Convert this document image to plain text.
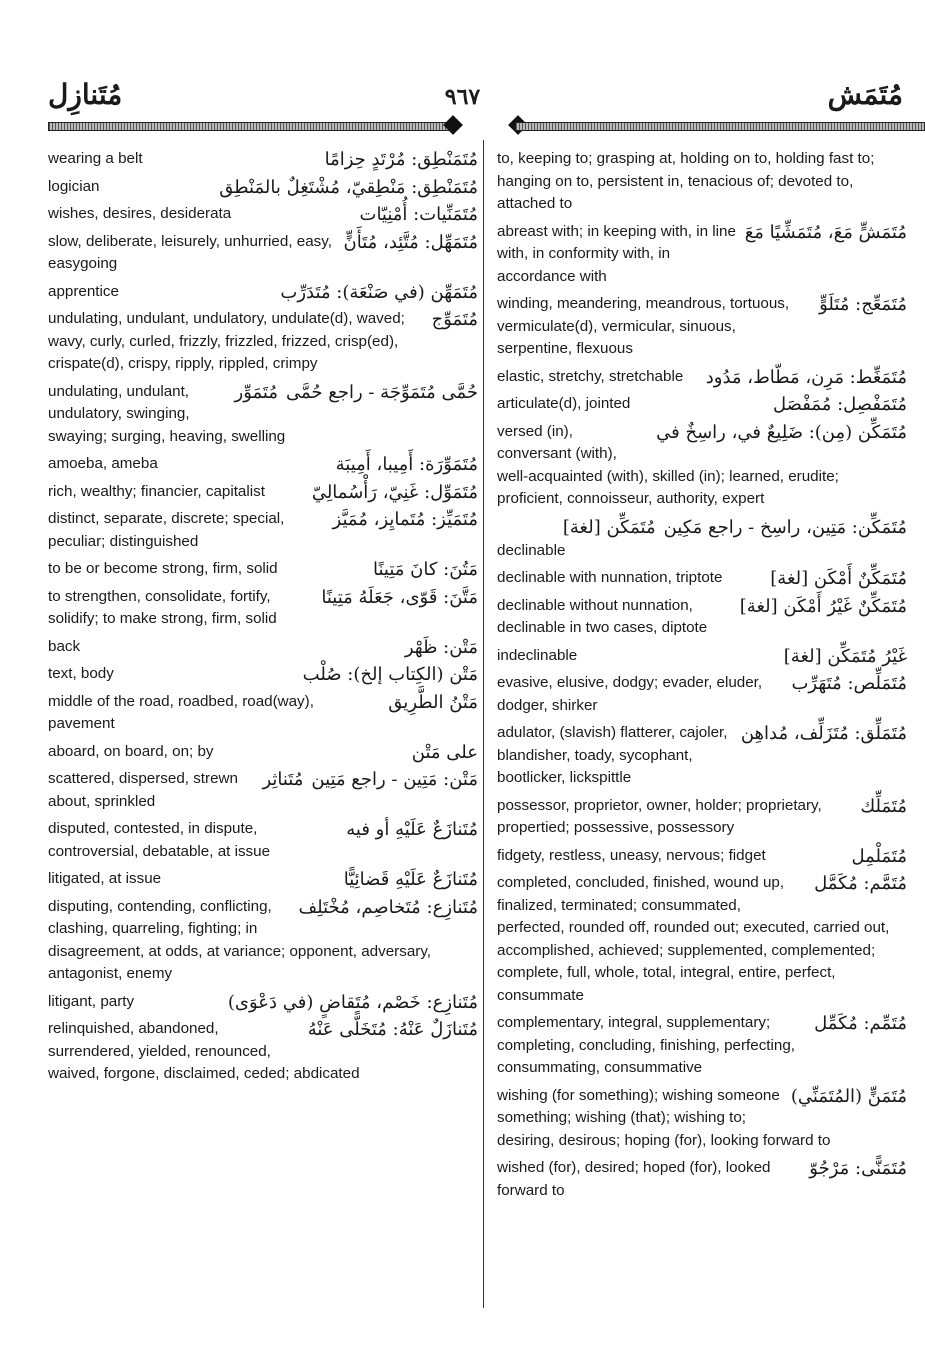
مُتَنازِل	٩٦٧	مُتَمَش
مُتَمَنْطِق: مُرْتَدٍ حِزامًا
wearing a belt
مُتَمَنْطِق: مَنْطِقيّ، مُشْتَغِلٌ بالمَنْطِق
logician
مُتَمَنِّيات: أُمْنِيّات
wishes, desires, desiderata
مُتَمَهِّل: مُتَّئِد، مُتَأَنٍّ
slow, deliberate, leisurely, unhurried, easy, easygoing
مُتَمَهِّن (في صَنْعَة): مُتَدَرِّب
apprentice
مُتَمَوِّج
undulating, undulant, undulatory, undulate(d), waved; wavy, curly, curled, frizzly, frizzled, frizzed, crisp(ed), crispate(d), crispy, ripply, rippled, crimpy
حُمَّى مُتَمَوِّجَة - راجع حُمَّى
مُتَمَوِّر
undulating, undulant, undulatory, swinging, swaying; surging, heaving, swelling
مُتَمَوِّرَة: أَمِيبا، أَمِيبَة
amoeba, ameba
مُتَمَوِّل: غَنِيّ، رَأْسُمالِيّ
rich, wealthy; financier, capitalist
مُتَمَيِّز: مُتَمايِز، مُمَيَّز
distinct, separate, discrete; special, peculiar; distinguished
مَتُنَ: كانَ مَتِينًا
to be or become strong, firm, solid
مَتَّنَ: قَوّى، جَعَلَهُ مَتِينًا
to strengthen, consolidate, fortify, solidify; to make strong, firm, solid
مَتْن: ظَهْر
back
مَتْن (الكِتاب إلخ): صُلْب
text, body
مَتْنُ الطَّرِيق
middle of the road, roadbed, road(way), pavement
على مَتْن
aboard, on board, on; by
مَتْن: مَتِين - راجع مَتِين
مُتَناثِر
scattered, dispersed, strewn about, sprinkled
مُتَنازَعٌ عَلَيْهِ أو فيه
disputed, contested, in dispute, controversial, debatable, at issue
مُتَنازَعٌ عَلَيْهِ قَضائِيًّا
litigated, at issue
مُتَنازِع: مُتَخاصِم، مُخْتَلِف
disputing, contending, conflicting, clashing, quarreling, fighting; in disagreement, at odds, at variance; opponent, adversary, antagonist, enemy
مُتَنازِع: خَصْم، مُتَقاضٍ (في دَعْوَى)
litigant, party
مُتَنازَلٌ عَنْهُ: مُتَخَلًّى عَنْهُ
relinquished, abandoned, surrendered, yielded, renounced, waived, forgone, disclaimed, ceded; abdicated
to, keeping to; grasping at, holding on to, holding fast to; hanging on to, persistent in, tenacious of; devoted to, attached to
مُتَمَشٍّ مَعَ، مُتَمَشِّيًا مَعَ
abreast with; in keeping with, in line with, in conformity with, in accordance with
مُتَمَعِّج: مُتَلَوٍّ
winding, meandering, meandrous, tortuous, vermiculate(d), vermicular, sinuous, serpentine, flexuous
مُتَمَغِّط: مَرِن، مَطّاط، مَدُود
elastic, stretchy, stretchable
مُتَمَفْصِل: مُمَفْصَل
articulate(d), jointed
مُتَمَكِّن (مِن): ضَلِيعٌ في، راسِخٌ في
versed (in), conversant (with), well-acquainted (with), skilled (in); learned, erudite; proficient, connoisseur, authority, expert
مُتَمَكِّن: مَتِين، راسِخ - راجع مَكِين
مُتَمَكِّن [لغة]
declinable
مُتَمَكِّنٌ أَمْكَن [لغة]
declinable with nunnation, triptote
مُتَمَكِّنٌ غَيْرُ أَمْكَن [لغة]
declinable without nunnation, declinable in two cases, diptote
غَيْرُ مُتَمَكِّن [لغة]
indeclinable
مُتَمَلِّص: مُتَهَرِّب
evasive, elusive, dodgy; evader, eluder, dodger, shirker
مُتَمَلِّق: مُتَزَلِّف، مُداهِن
adulator, (slavish) flatterer, cajoler, blandisher, toady, sycophant, bootlicker, lickspittle
مُتَمَلِّك
possessor, proprietor, owner, holder; proprietary, propertied; possessive, possessory
مُتَمَلْمِل
fidgety, restless, uneasy, nervous; fidget
مُتَمَّم: مُكَمَّل
completed, concluded, finished, wound up, finalized, terminated; consummated, perfected, rounded off, rounded out; executed, carried out, accomplished, achieved; supplemented, complemented; complete, full, whole, total, integral, entire, perfect, consummate
مُتَمِّم: مُكَمِّل
complementary, integral, supplementary; completing, concluding, finishing, perfecting, consummating, consummative
مُتَمَنٍّ (المُتَمَنِّي)
wishing (for something); wishing someone something; wishing (that); wishing to; desiring, desirous; hoping (for), looking forward to
مُتَمَنًّى: مَرْجُوّ
wished (for), desired; hoped (for), looked forward to
